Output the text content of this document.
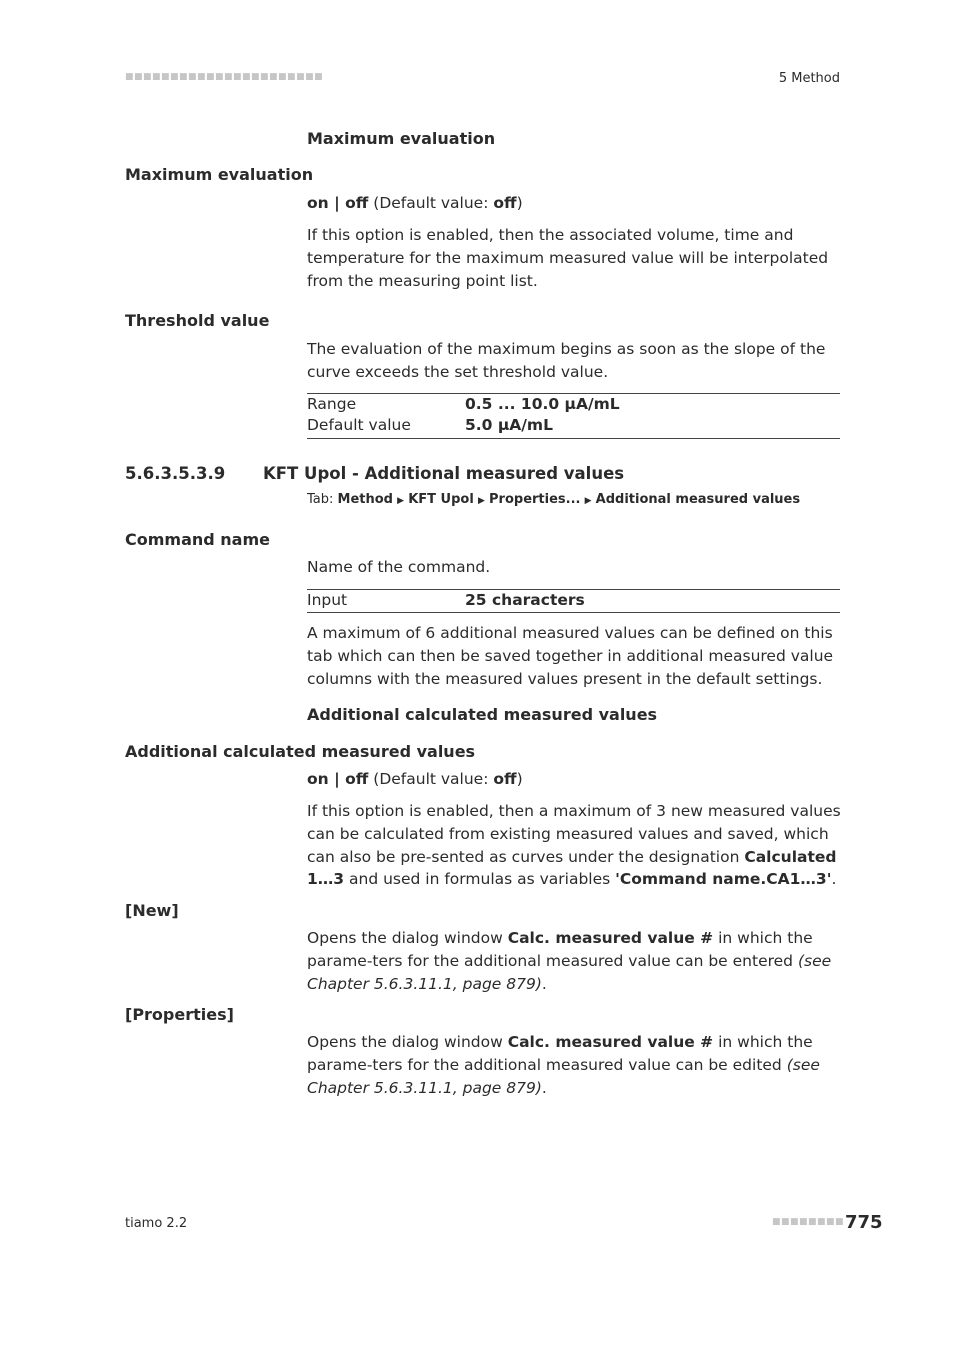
■■■■■■■■■■■■■■■■■■■■■■	5 Method
Maximum evaluation
Maximum evaluation
on | off (Default value: off)
If this option is enabled, then the associated volume, time and temperature for the maximum measured value will be interpolated from the measuring point list.
Threshold value
The evaluation of the maximum begins as soon as the slope of the curve exceeds the set threshold value.
Range	0.5 ... 10.0 µA/mL
Default value	5.0 µA/mL
5.6.3.5.3.9 KFT Upol - Additional measured values
Tab: Method ▶ KFT Upol ▶ Properties... ▶ Additional measured values
Command name
Name of the command.
Input	25 characters
A maximum of 6 additional measured values can be defined on this tab which can then be saved together in additional measured value columns with the measured values present in the default settings.
Additional calculated measured values
Additional calculated measured values
on | off (Default value: off)
If this option is enabled, then a maximum of 3 new measured values can be calculated from existing measured values and saved, which can also be pre-sented as curves under the designation Calculated 1…3 and used in formulas as variables 'Command name.CA1…3'.
[New]
Opens the dialog window Calc. measured value # in which the parame-ters for the additional measured value can be entered (see Chapter 5.6.3.11.1, page 879).
[Properties]
Opens the dialog window Calc. measured value # in which the parame-ters for the additional measured value can be edited (see Chapter 5.6.3.11.1, page 879).
tiamo 2.2	■■■■■■■■ 775
